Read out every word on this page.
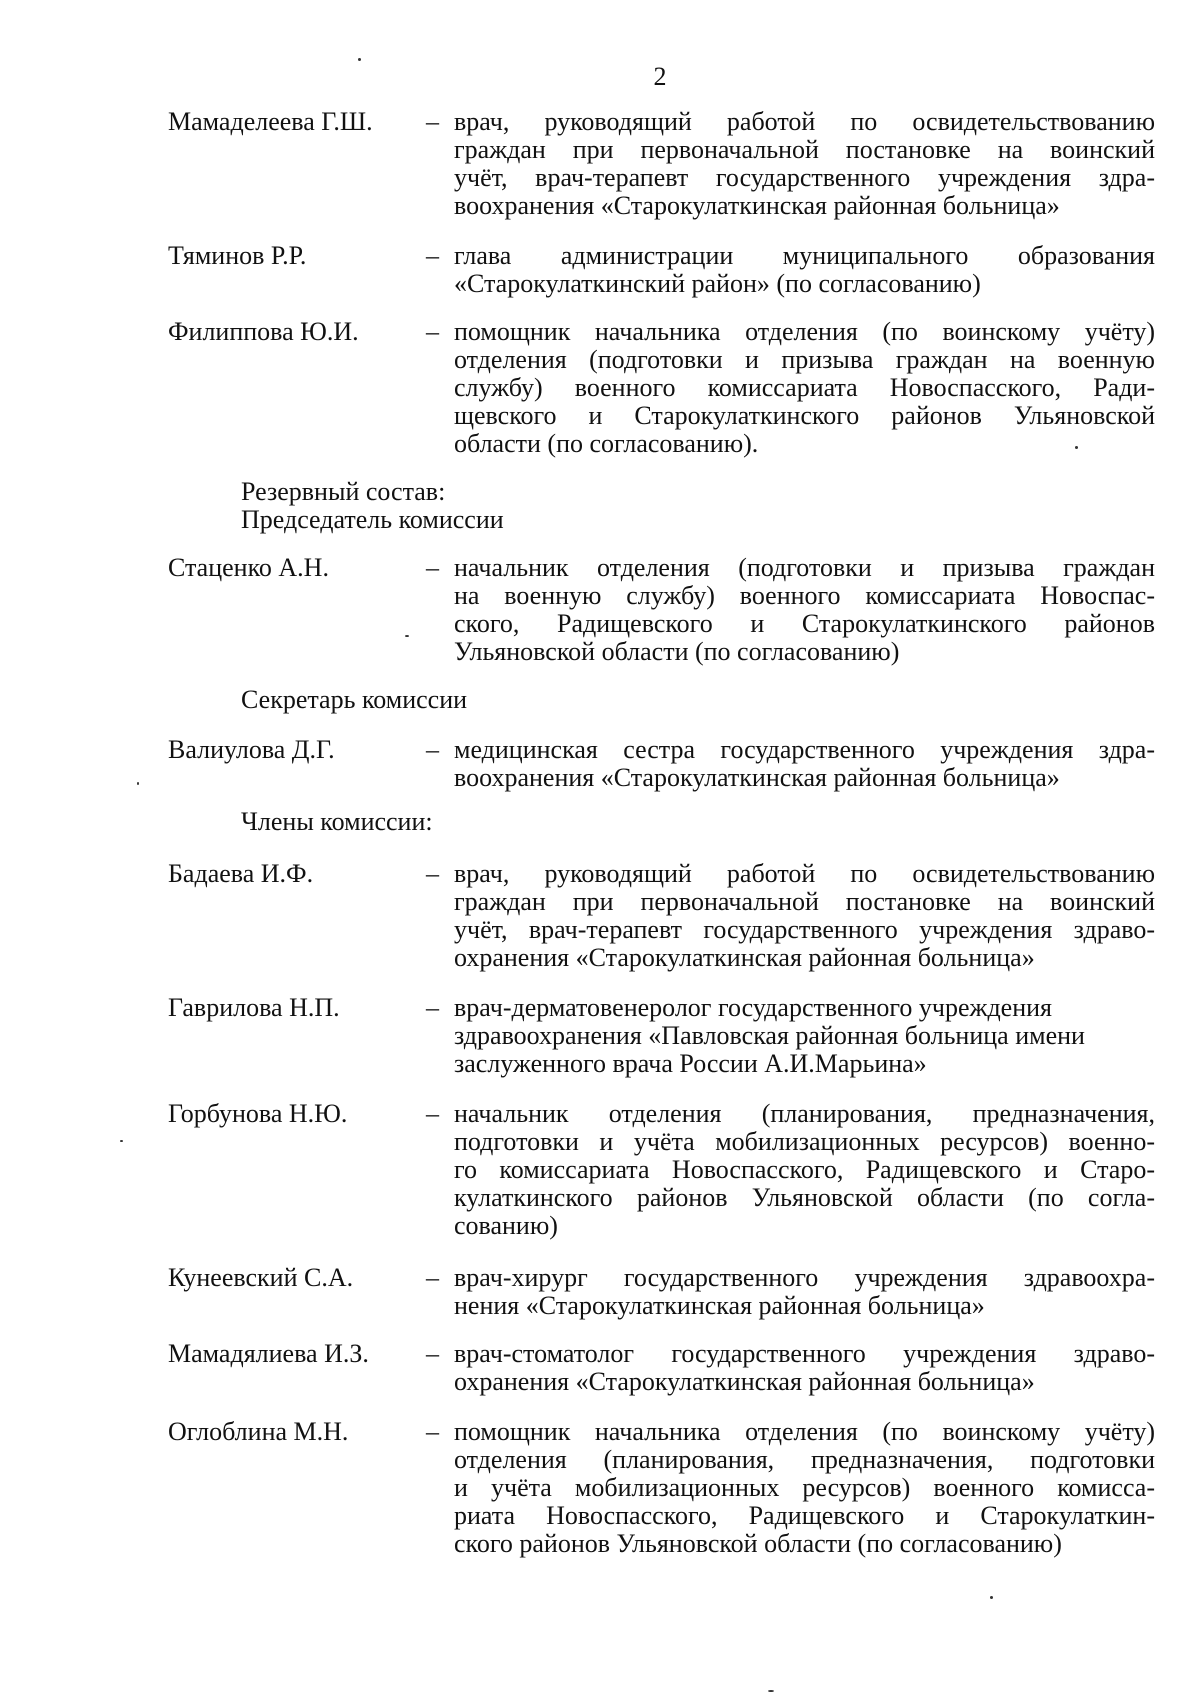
2
Мамаделеева Г.Ш. – врач, руководящий работой по освидетельствованию
граждан при первоначальной постановке на воинский
учёт, врач-терапевт государственного учреждения здра-
воохранения «Старокулаткинская районная больница»
Тяминов Р.Р.	– глава администрации муниципального образования
«Старокулаткинский район» (по согласованию)
Филиппова Ю.И.	– помощник начальника отделения (по воинскому учёту)
отделения (подготовки и призыва граждан на военную
службу) военного комиссариата Новоспасского, Ради-
щевского и Старокулаткинского районов Ульяновской
области (по согласованию).
Резервный состав:
Председатель комиссии
Стаценко А.Н.	– начальник отделения (подготовки и призыва граждан
на военную службу) военного комиссариата Новоспас-
ского, Радищевского и Старокулаткинского районов
Ульяновской области (по согласованию)
Секретарь комиссии
Валиулова Д.Г.	– медицинская сестра государственного учреждения здра-
воохранения «Старокулаткинская районная больница»
Члены комиссии:
Бадаева И.Ф.	– врач, руководящий работой по освидетельствованию
граждан при первоначальной постановке на воинский
учёт, врач-терапевт государственного учреждения здраво-
охранения «Старокулаткинская районная больница»
Гаврилова Н.П.	– врач-дерматовенеролог государственного учреждения
здравоохранения «Павловская районная больница имени
заслуженного врача России А.И.Марьина»
Горбунова Н.Ю.	– начальник отделения (планирования, предназначения,
подготовки и учёта мобилизационных ресурсов) военно-
го комиссариата Новоспасского, Радищевского и Старо-
кулаткинского районов Ульяновской области (по согла-
сованию)
Кунеевский С.А.	– врач-хирург государственного учреждения здравоохра-
нения «Старокулаткинская районная больница»
Мамадялиева И.З. – врач-стоматолог государственного учреждения здраво-
охранения «Старокулаткинская районная больница»
Оглоблина М.Н.	– помощник начальника отделения (по воинскому учёту)
отделения (планирования, предназначения, подготовки
и учёта мобилизационных ресурсов) военного комисса-
риата Новоспасского, Радищевского и Старокулаткин-
ского районов Ульяновской области (по согласованию)
